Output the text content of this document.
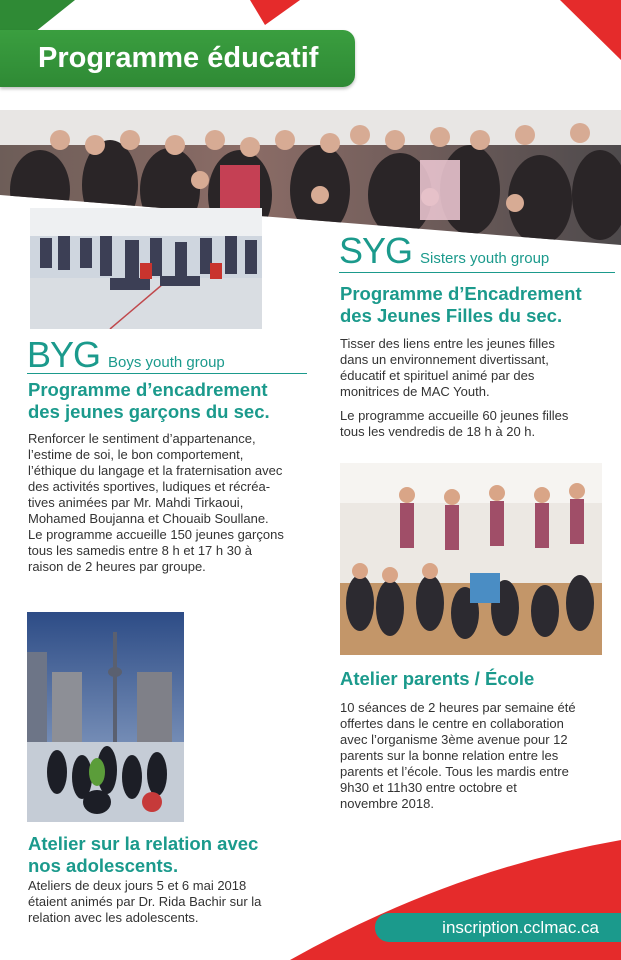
Programme éducatif
BYG Boys youth group
Programme d’encadrement
des jeunes garçons du sec.
Renforcer le sentiment d’appartenance,
l’estime de soi, le bon comportement,
l’éthique du langage et la fraternisation avec
des activités sportives, ludiques et récréa-
tives animées par Mr. Mahdi Tirkaoui,
Mohamed Boujanna et Chouaib Soullane.
Le programme accueille 150 jeunes garçons
tous les samedis entre 8 h et 17 h 30 à
raison de 2 heures par groupe.
Atelier sur la relation avec
nos adolescents.
Ateliers de deux jours 5 et 6 mai 2018
étaient animés par Dr. Rida Bachir sur la
relation avec les adolescents.
SYG Sisters youth group
Programme d’Encadrement
des Jeunes Filles du sec.
Tisser des liens entre les jeunes filles
dans un environnement divertissant,
éducatif et spirituel animé par des
monitrices de MAC Youth.
Le programme accueille 60 jeunes filles
tous les vendredis de 18 h à 20 h.
Atelier parents / École
10 séances de 2 heures par semaine été
offertes dans le centre en collaboration
avec l’organisme 3ème avenue pour 12
parents sur la bonne relation entre les
parents et l’école. Tous les mardis entre
9h30 et 11h30 entre octobre et
novembre 2018.
inscription.cclmac.ca
